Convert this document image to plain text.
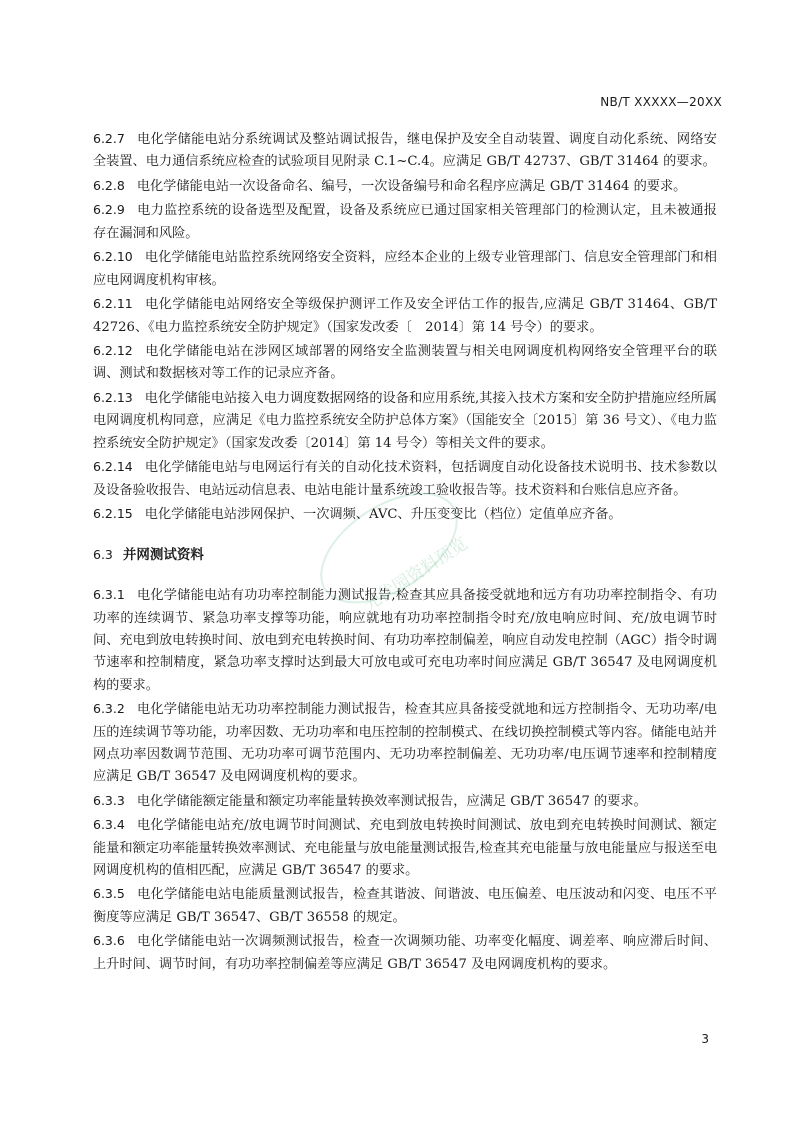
NB/T XXXXX—20XX
光伏园资料预览

6.2.7 电化学储能电站分系统调试及整站调试报告，继电保护及安全自动装置、调度自动化系统、网络安全装置、电力通信系统应检查的试验项目见附录 C.1~C.4。应满足 GB/T 42737、GB/T 31464 的要求。

6.2.8 电化学储能电站一次设备命名、编号，一次设备编号和命名程序应满足 GB/T 31464 的要求。

6.2.9 电力监控系统的设备选型及配置，设备及系统应已通过国家相关管理部门的检测认定，且未被通报存在漏洞和风险。

6.2.10 电化学储能电站监控系统网络安全资料，应经本企业的上级专业管理部门、信息安全管理部门和相应电网调度机构审核。

6.2.11 电化学储能电站网络安全等级保护测评工作及安全评估工作的报告,应满足 GB/T 31464、GB/T 42726、《电力监控系统安全防护规定》（国家发改委〔      2014〕第 14 号令）的要求。

6.2.12 电化学储能电站在涉网区域部署的网络安全监测装置与相关电网调度机构网络安全管理平台的联调、测试和数据核对等工作的记录应齐备。

6.2.13 电化学储能电站接入电力调度数据网络的设备和应用系统,其接入技术方案和安全防护措施应经所属电网调度机构同意，应满足《电力监控系统安全防护总体方案》（国能安全〔2015〕第 36 号文）、《电力监控系统安全防护规定》（国家发改委〔2014〕第 14 号令）等相关文件的要求。

6.2.14 电化学储能电站与电网运行有关的自动化技术资料，包括调度自动化设备技术说明书、技术参数以及设备验收报告、电站远动信息表、电站电能计量系统竣工验收报告等。技术资料和台账信息应齐备。

6.2.15 电化学储能电站涉网保护、一次调频、AVC、升压变变比（档位）定值单应齐备。

6.3 并网测试资料

6.3.1 电化学储能电站有功功率控制能力测试报告,检查其应具备接受就地和远方有功功率控制指令、有功功率的连续调节、紧急功率支撑等功能，响应就地有功功率控制指令时充/放电响应时间、充/放电调节时间、充电到放电转换时间、放电到充电转换时间、有功功率控制偏差，响应自动发电控制（AGC）指令时调节速率和控制精度，紧急功率支撑时达到最大可放电或可充电功率时间应满足 GB/T 36547 及电网调度机构的要求。

6.3.2 电化学储能电站无功功率控制能力测试报告，检查其应具备接受就地和远方控制指令、无功功率/电压的连续调节等功能，功率因数、无功功率和电压控制的控制模式、在线切换控制模式等内容。储能电站并网点功率因数调节范围、无功功率可调节范围内、无功功率控制偏差、无功功率/电压调节速率和控制精度应满足 GB/T 36547 及电网调度机构的要求。

6.3.3 电化学储能额定能量和额定功率能量转换效率测试报告，应满足 GB/T 36547 的要求。

6.3.4 电化学储能电站充/放电调节时间测试、充电到放电转换时间测试、放电到充电转换时间测试、额定能量和额定功率能量转换效率测试、充电能量与放电能量测试报告,检查其充电能量与放电能量应与报送至电网调度机构的值相匹配，应满足 GB/T 36547 的要求。

6.3.5 电化学储能电站电能质量测试报告，检查其谐波、间谐波、电压偏差、电压波动和闪变、电压不平衡度等应满足 GB/T 36547、GB/T 36558 的规定。

6.3.6 电化学储能电站一次调频测试报告，检查一次调频功能、功率变化幅度、调差率、响应滞后时间、上升时间、调节时间，有功功率控制偏差等应满足 GB/T 36547 及电网调度机构的要求。

3
